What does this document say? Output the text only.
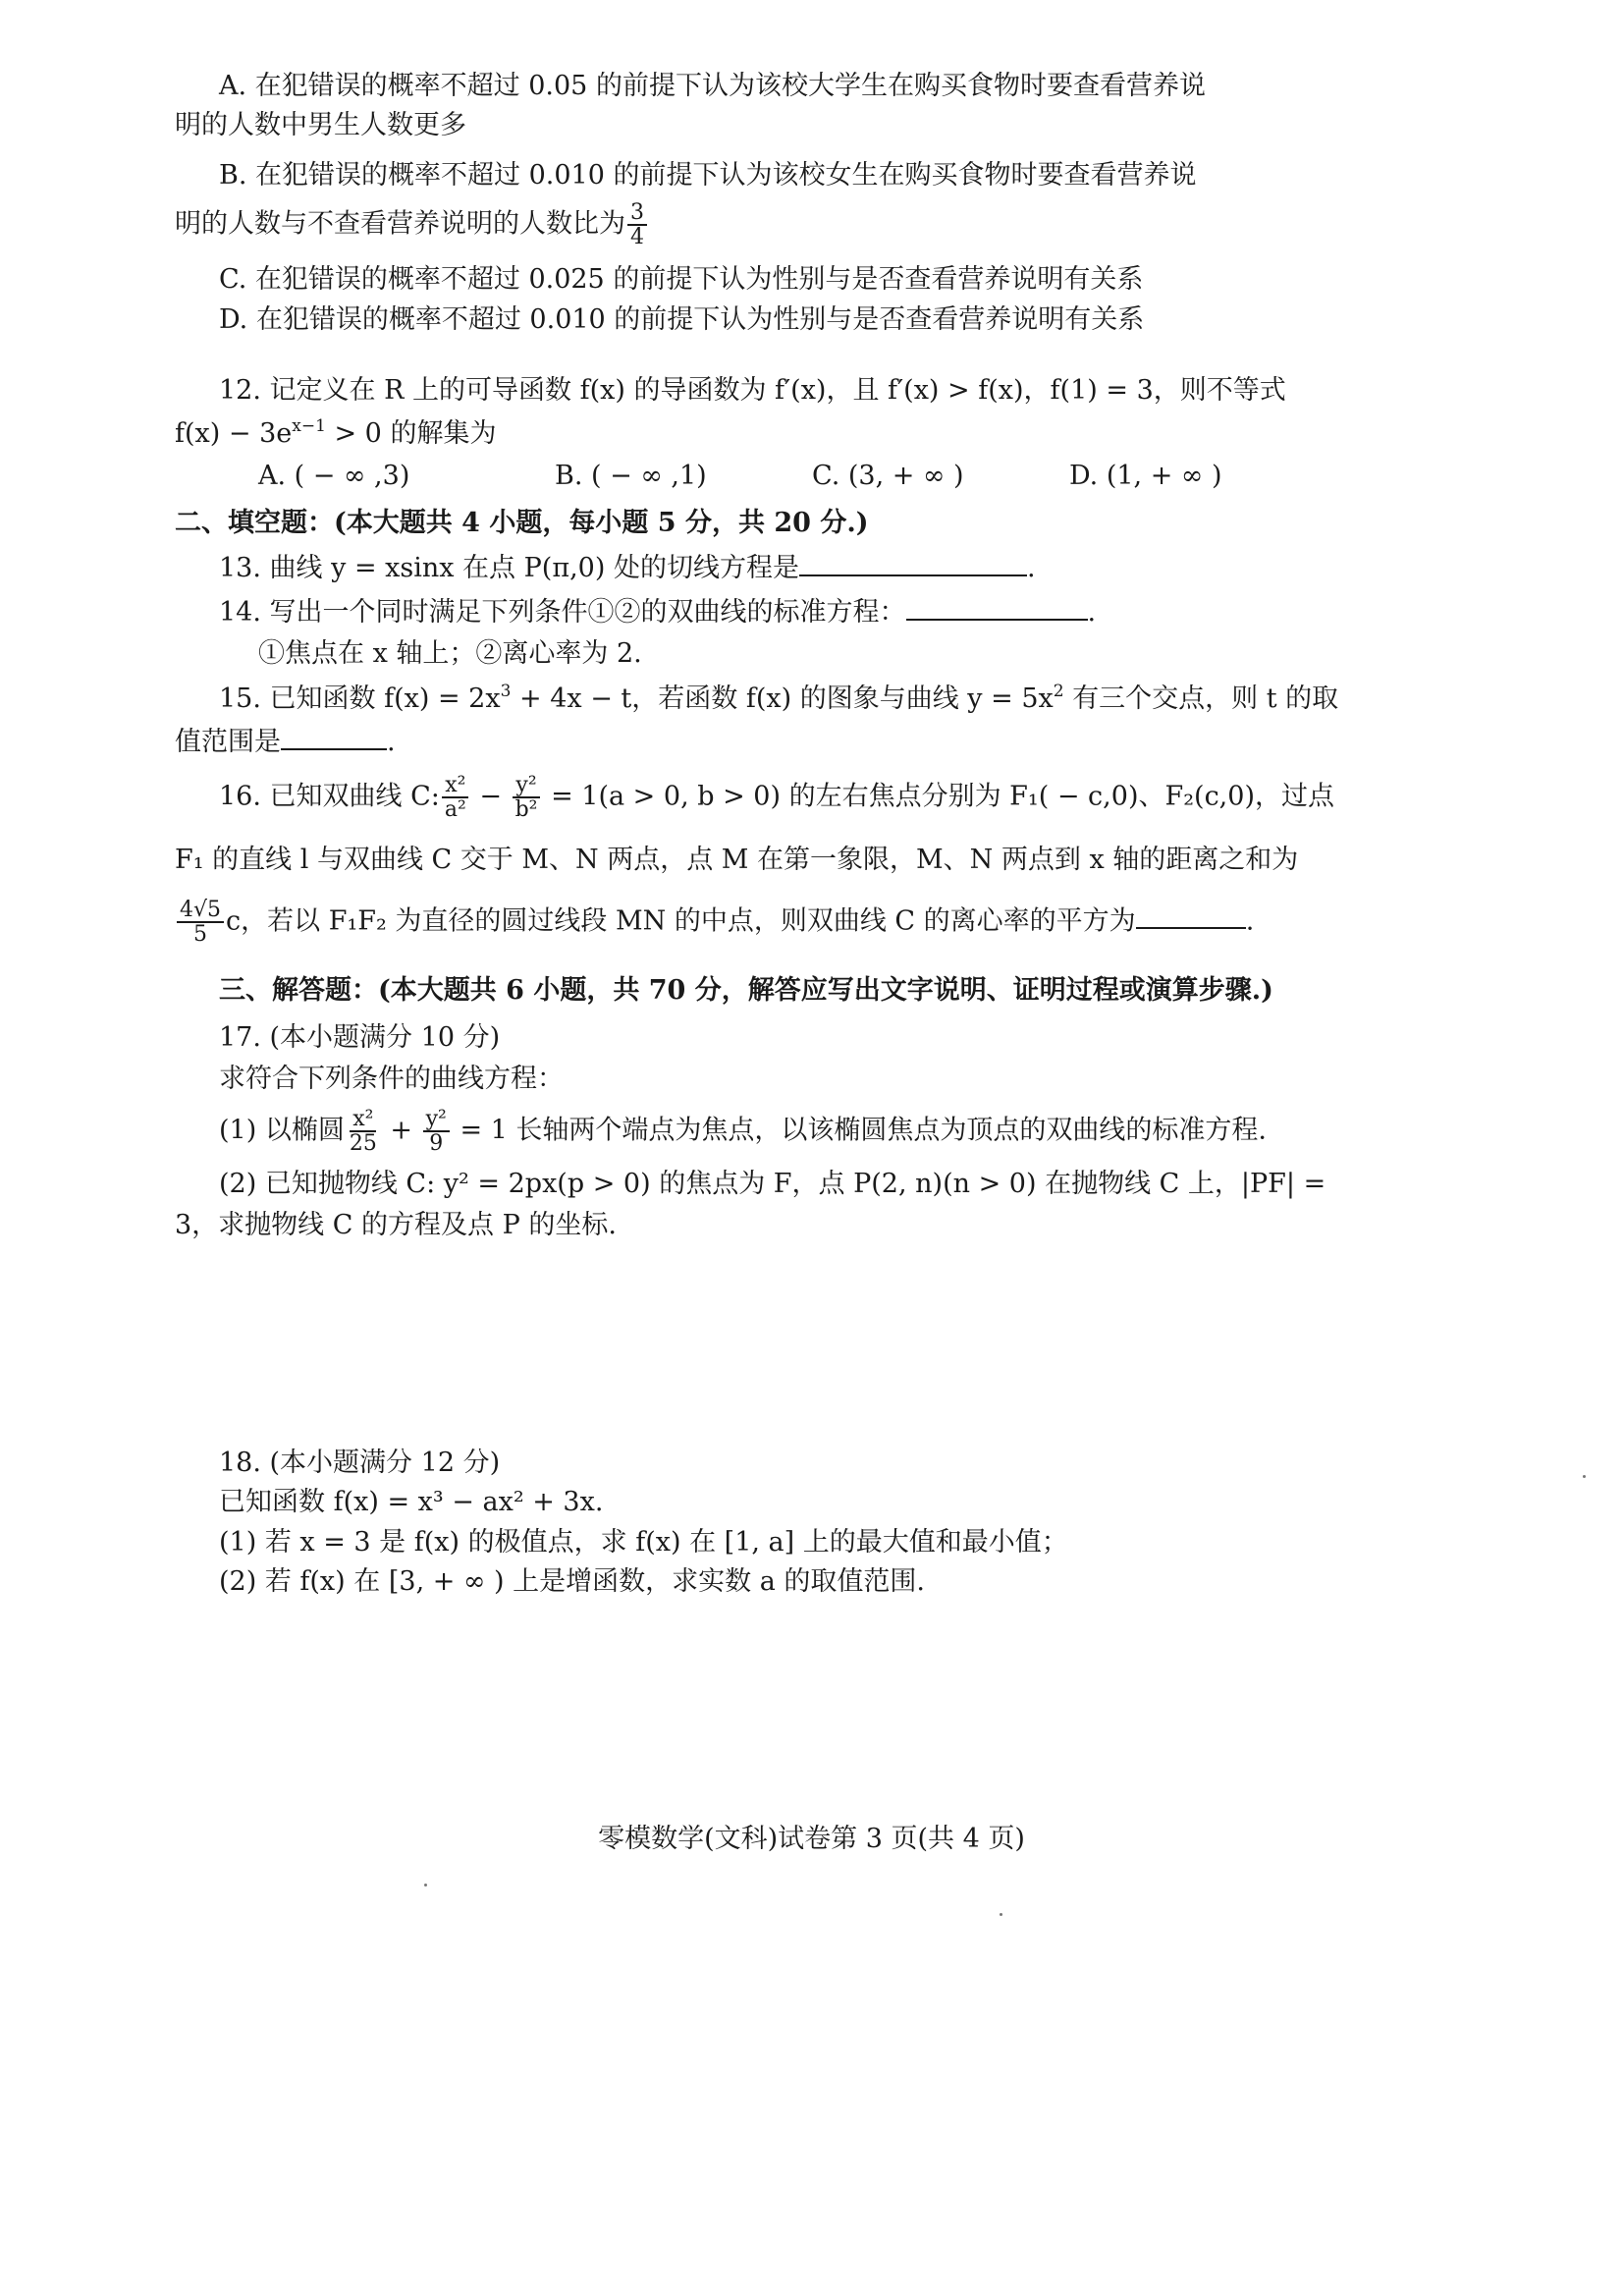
A. 在犯错误的概率不超过 0.05 的前提下认为该校大学生在购买食物时要查看营养说
明的人数中男生人数更多
B. 在犯错误的概率不超过 0.010 的前提下认为该校女生在购买食物时要查看营养说
明的人数与不查看营养说明的人数比为 $\frac{3}{4}$
C. 在犯错误的概率不超过 0.025 的前提下认为性别与是否查看营养说明有关系
D. 在犯错误的概率不超过 0.010 的前提下认为性别与是否查看营养说明有关系
12. 记定义在 R 上的可导函数 f(x) 的导函数为 f′(x)，且 f′(x) > f(x)，f(1) = 3，则不等式
$f(x) - 3e^{x-1} > 0$ 的解集为
A. ( − ∞ ,3)	B. ( − ∞ ,1)	C. (3, + ∞ )	D. (1, + ∞ )
二、填空题：(本大题共 4 小题，每小题 5 分，共 20 分.)
13. 曲线 y = xsinx 在点 P(π,0) 处的切线方程是	.
14. 写出一个同时满足下列条件①②的双曲线的标准方程：	.
①焦点在 x 轴上；②离心率为 2.
15. 已知函数 $f(x) = 2x^3 + 4x - t$，若函数 f(x) 的图象与曲线 $y = 5x^2$ 有三个交点，则 t 的取
值范围是	.
16. 已知双曲线 C: $\frac{\text{x²}}{\text{a²}} - \frac{\text{y²}}{\text{b²}} = 1(a > 0$, b > 0) 的左右焦点分别为 F₁( − c,0)、F₂(c,0)，过点
F₁ 的直线 l 与双曲线 C 交于 M、N 两点，点 M 在第一象限，M、N 两点到 x 轴的距离之和为
$\frac{4√5}{5}$ c，若以 F₁F₂ 为直径的圆过线段 MN 的中点，则双曲线 C 的离心率的平方为	.
三、解答题：(本大题共 6 小题，共 70 分，解答应写出文字说明、证明过程或演算步骤.)
17. (本小题满分 10 分)
求符合下列条件的曲线方程：
(1) 以椭圆 $\frac{\text{x²}}{25} + \frac{\text{y²}}{9} = 1$ 长轴两个端点为焦点，以该椭圆焦点为顶点的双曲线的标准方程.
(2) 已知抛物线 C: y² = 2px(p > 0) 的焦点为 F，点 P(2, n)(n > 0) 在抛物线 C 上，|PF| =
3，求抛物线 C 的方程及点 P 的坐标.
18. (本小题满分 12 分)
已知函数 f(x) = x³ − ax² + 3x.
(1) 若 x = 3 是 f(x) 的极值点，求 f(x) 在 [1, a] 上的最大值和最小值；
(2) 若 f(x) 在 [3, + ∞ ) 上是增函数，求实数 a 的取值范围.
零模数学(文科)试卷第 3 页(共 4 页)
